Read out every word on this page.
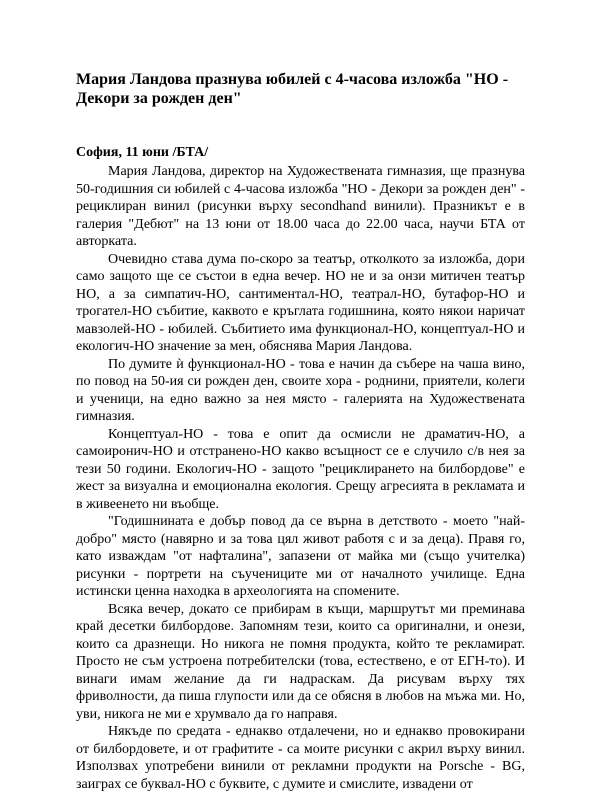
Мария Ландова празнува юбилей с 4-часова изложба "НО - Декори за рожден ден"

София, 11 юни /БТА/

Мария Ландова, директор на Художествената гимназия, ще празнува 50-годишния си юбилей с 4-часова изложба "НО - Декори за рожден ден" - рециклиран винил (рисунки върху secondhand винили). Празникът е в галерия "Дебют" на 13 юни от 18.00 часа до 22.00 часа, научи БТА от авторката.

Очевидно става дума по-скоро за театър, отколкото за изложба, дори само защото ще се състои в една вечер. НО не и за онзи митичен театър НО, а за симпатич-НО, сантиментал-НО, театрал-НО, бутафор-НО и трогател-НО събитие, каквото е кръглата годишнина, която някои наричат мавзолей-НО - юбилей. Събитието има функционал-НО, концептуал-НО и екологич-НО значение за мен, обяснява Мария Ландова.

По думите ѝ функционал-НО - това е начин да събере на чаша вино, по повод на 50-ия си рожден ден, своите хора - роднини, приятели, колеги и ученици, на едно важно за нея място - галерията на Художествената гимназия.

Концептуал-НО - това е опит да осмисли не драматич-НО, а самоиронич-НО и отстранено-НО какво всъщност се е случило с/в нея за тези 50 години. Екологич-НО - защото "рециклирането на билбордове" е жест за визуална и емоционална екология. Срещу агресията в рекламата и в живеенето ни въобще.

"Годишнината е добър повод да се върна в детството - моето "най-добро" място (навярно и за това цял живот работя с и за деца). Правя го, като изваждам "от нафталина", запазени от майка ми (също учителка) рисунки - портрети на съучениците ми от началното училище. Една истински ценна находка в археологията на спомените.

Всяка вечер, докато се прибирам в къщи, маршрутът ми преминава край десетки билбордове. Запомням тези, които са оригинални, и онези, които са дразнещи. Но никога не помня продукта, който те рекламират. Просто не съм устроена потребителски (това, естествено, е от ЕГН-то). И винаги имам желание да ги надраскам. Да рисувам върху тях фриволности, да пиша глупости или да се обясня в любов на мъжа ми. Но, уви, никога не ми е хрумвало да го направя.

Някъде по средата - еднакво отдалечени, но и еднакво провокирани от билбордовете, и от графитите - са моите рисунки с акрил върху винил. Използвах употребени винили от рекламни продукти на Porsche - BG, заиграх се буквал-НО с буквите, с думите и смислите, извадени от
